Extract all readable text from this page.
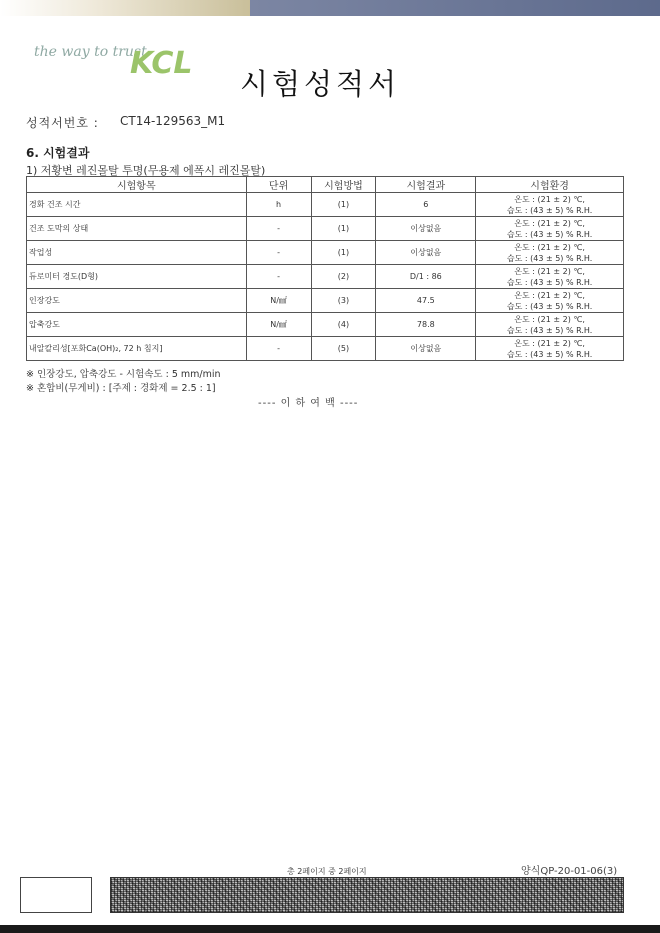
the way to trust
KCL
시험성적서
성적서번호 : CT14-129563_M1
6. 시험결과
1) 저황변 레진몰탈 투명(무용제 에폭시 레진몰탈)
시험항목	단위	시험방법	시험결과	시험환경
경화 건조 시간	h	(1)	6	온도 : (21 ± 2) ℃,
습도 : (43 ± 5) % R.H.

건조 도막의 상태	-	(1)	이상없음	온도 : (21 ± 2) ℃,
습도 : (43 ± 5) % R.H.

작업성	-	(1)	이상없음	온도 : (21 ± 2) ℃,
습도 : (43 ± 5) % R.H.

듀로미터 경도(D형)	-	(2)	D/1 : 86	온도 : (21 ± 2) ℃,
습도 : (43 ± 5) % R.H.

인장강도	N/㎟	(3)	47.5	온도 : (21 ± 2) ℃,
습도 : (43 ± 5) % R.H.

압축강도	N/㎟	(4)	78.8	온도 : (21 ± 2) ℃,
습도 : (43 ± 5) % R.H.

내알칼리성[포화Ca(OH)₂, 72 h 침지]	-	(5)	이상없음	온도 : (21 ± 2) ℃,
습도 : (43 ± 5) % R.H.
※ 인장강도, 압축강도 - 시험속도 : 5 mm/min
※ 혼합비(무게비) : [주제 : 경화제 = 2.5 : 1]
---- 이 하 여 백 ----
총 2페이지 중 2페이지	양식QP-20-01-06(3)
